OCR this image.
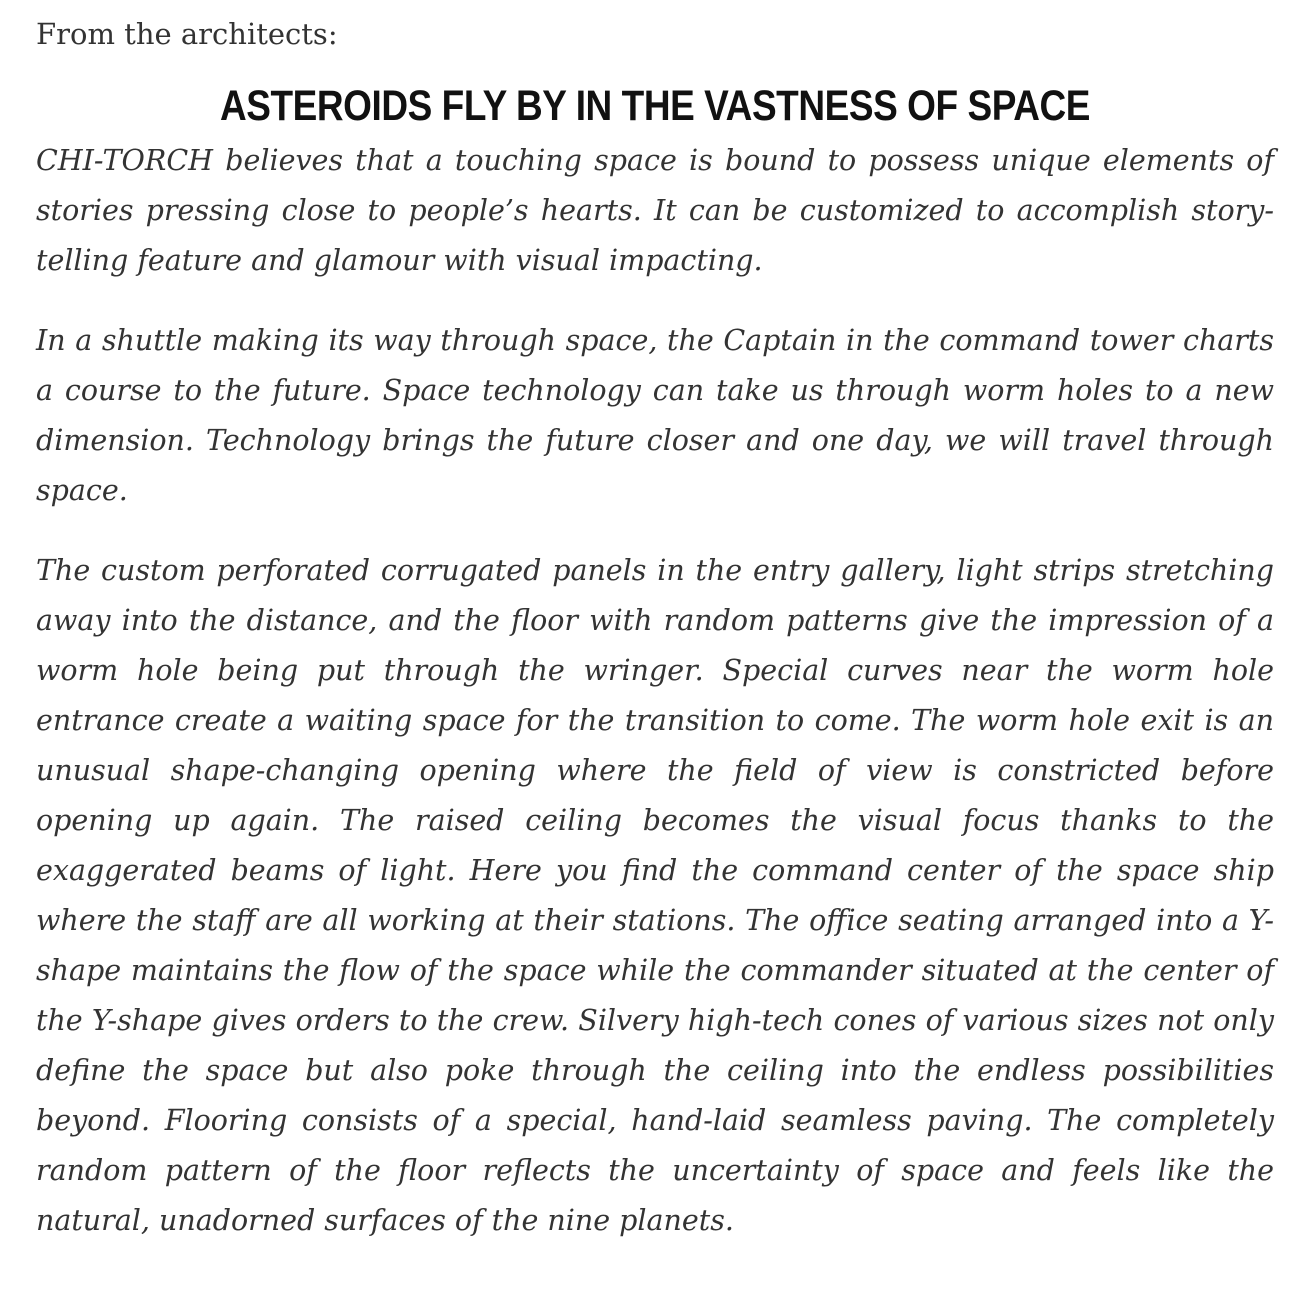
From the architects:

ASTEROIDS FLY BY IN THE VASTNESS OF SPACE

CHI-TORCH believes that a touching space is bound to possess unique elements of stories pressing close to people’s hearts. It can be customized to accomplish story-telling feature and glamour with visual impacting.

In a shuttle making its way through space, the Captain in the command tower charts a course to the future. Space technology can take us through worm holes to a new dimension. Technology brings the future closer and one day, we will travel through space.

The custom perforated corrugated panels in the entry gallery, light strips stretching away into the distance, and the floor with random patterns give the impression of a worm hole being put through the wringer. Special curves near the worm hole entrance create a waiting space for the transition to come. The worm hole exit is an unusual shape-changing opening where the field of view is constricted before opening up again. The raised ceiling becomes the visual focus thanks to the exaggerated beams of light. Here you find the command center of the space ship where the staff are all working at their stations. The office seating arranged into a Y-shape maintains the flow of the space while the commander situated at the center of the Y-shape gives orders to the crew. Silvery high-tech cones of various sizes not only define the space but also poke through the ceiling into the endless possibilities beyond. Flooring consists of a special, hand-laid seamless paving. The completely random pattern of the floor reflects the uncertainty of space and feels like the natural, unadorned surfaces of the nine planets.
